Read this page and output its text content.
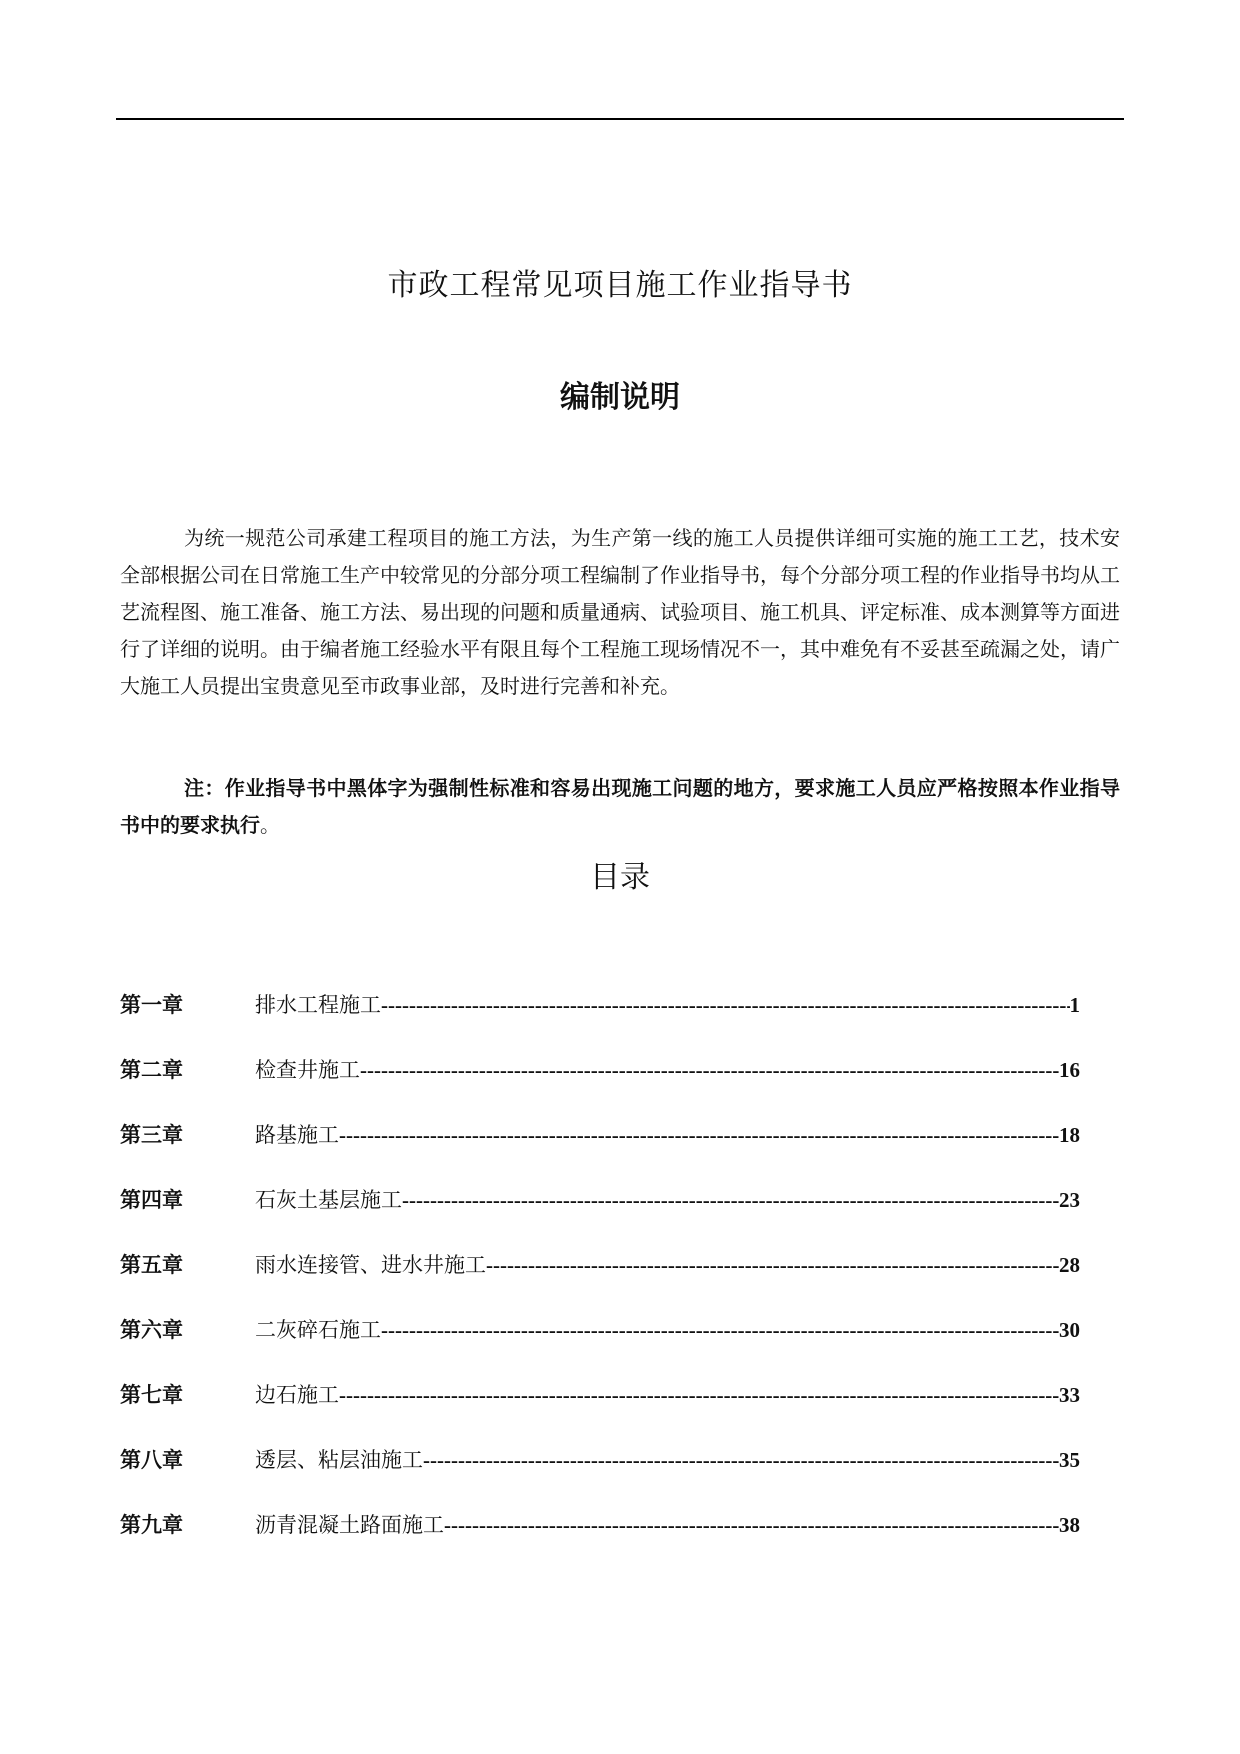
市政工程常见项目施工作业指导书
编制说明

为统一规范公司承建工程项目的施工方法，为生产第一线的施工人员提供详细可实施的施工工艺，技术安全部根据公司在日常施工生产中较常见的分部分项工程编制了作业指导书，每个分部分项工程的作业指导书均从工艺流程图、施工准备、施工方法、易出现的问题和质量通病、试验项目、施工机具、评定标准、成本测算等方面进行了详细的说明。由于编者施工经验水平有限且每个工程施工现场情况不一，其中难免有不妥甚至疏漏之处，请广大施工人员提出宝贵意见至市政事业部，及时进行完善和补充。

注：作业指导书中黑体字为强制性标准和容易出现施工问题的地方，要求施工人员应严格按照本作业指导书中的要求执行。

目录
第一章	排水工程施工 -----	1
第二章	检查井施工 -----	16
第三章	路基施工 -----	18
第四章	石灰土基层施工 -----	23
第五章	雨水连接管、进水井施工 -----	28
第六章	二灰碎石施工 -----	30
第七章	边石施工 -----	33
第八章	透层、粘层油施工 -----	35
第九章	沥青混凝土路面施工 -----	38
